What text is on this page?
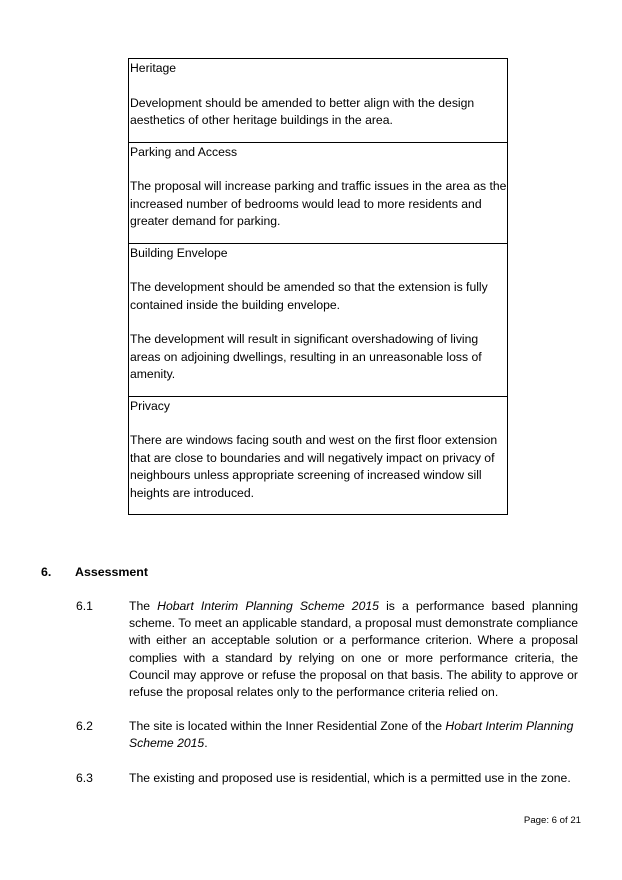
Heritage

Development should be amended to better align with the design aesthetics of other heritage buildings in the area.

Parking and Access

The proposal will increase parking and traffic issues in the area as the increased number of bedrooms would lead to more residents and greater demand for parking.

Building Envelope

The development should be amended so that the extension is fully contained inside the building envelope.

The development will result in significant overshadowing of living areas on adjoining dwellings, resulting in an unreasonable loss of amenity.

Privacy

There are windows facing south and west on the first floor extension that are close to boundaries and will negatively impact on privacy of neighbours unless appropriate screening of increased window sill heights are introduced.

6. Assessment
6.1	The Hobart Interim Planning Scheme 2015 is a performance based planning scheme. To meet an applicable standard, a proposal must demonstrate compliance with either an acceptable solution or a performance criterion. Where a proposal complies with a standard by relying on one or more performance criteria, the Council may approve or refuse the proposal on that basis. The ability to approve or refuse the proposal relates only to the performance criteria relied on.
6.2	The site is located within the Inner Residential Zone of the Hobart Interim Planning Scheme 2015.
6.3	The existing and proposed use is residential, which is a permitted use in the zone.
Page: 6 of 21
